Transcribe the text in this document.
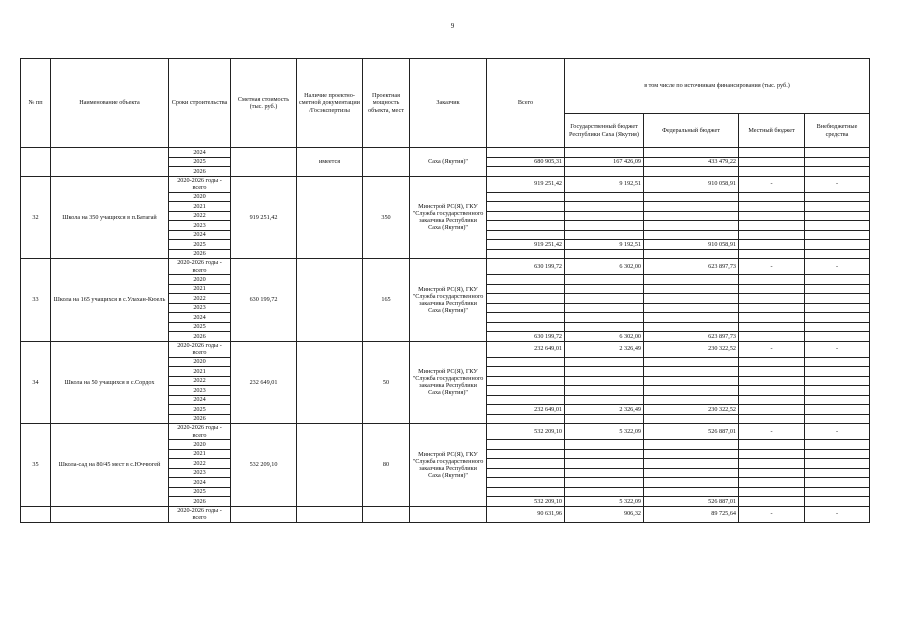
9
№ пп	Наименование объекта	Сроки строительства	Сметная стоимость (тыс. руб.)	Наличие проектно-сметной документации /Госэкспертизы	Проектная мощность объекта, мест	Заказчик	Всего	в том числе по источникам финансирования (тыс. руб.)			
								Государственный бюджет Республики Саха (Якутия)	Федеральный бюджет	Местный бюджет	Внебюджетные средства
		2024		имеется		Саха (Якутия)"					
		2025					680 905,31	167 426,09	433 479,22		
		2026									
32	Школа на 350 учащихся в п.Батагай	2020-2026 годы - всего	919 251,42		350	Минстрой РС(Я), ГКУ "Служба государственного заказчика Республики Саха (Якутия)"	919 251,42	9 192,51	910 058,91	-	-
		2020									
		2021									
		2022									
		2023									
		2024									
		2025					919 251,42	9 192,51	910 058,91		
		2026									
33	Школа на 165 учащихся в с.Улахан-Кюель	2020-2026 годы - всего	630 199,72		165	Минстрой РС(Я), ГКУ "Служба государственного заказчика Республики Саха (Якутия)"	630 199,72	6 302,00	623 897,73	-	-
		2020									
		2021									
		2022									
		2023									
		2024									
		2025									
		2026					630 199,72	6 302,00	623 897,73		
34	Школа на 50 учащихся в с.Сордох	2020-2026 годы - всего	232 649,01		50	Минстрой РС(Я), ГКУ "Служба государственного заказчика Республики Саха (Якутия)"	232 649,01	2 326,49	230 322,52	-	-
		2020									
		2021									
		2022									
		2023									
		2024									
		2025					232 649,01	2 326,49	230 322,52		
		2026									
35	Школа-сад на 80/45 мест в с.Юччюгей	2020-2026 годы - всего	532 209,10		80	Минстрой РС(Я), ГКУ "Служба государственного заказчика Республики Саха (Якутия)"	532 209,10	5 322,09	526 887,01	-	-
		2020									
		2021									
		2022									
		2023									
		2024									
		2025									
		2026					532 209,10	5 322,09	526 887,01		
		2020-2026 годы - всего					90 631,96	906,32	89 725,64	-	-
